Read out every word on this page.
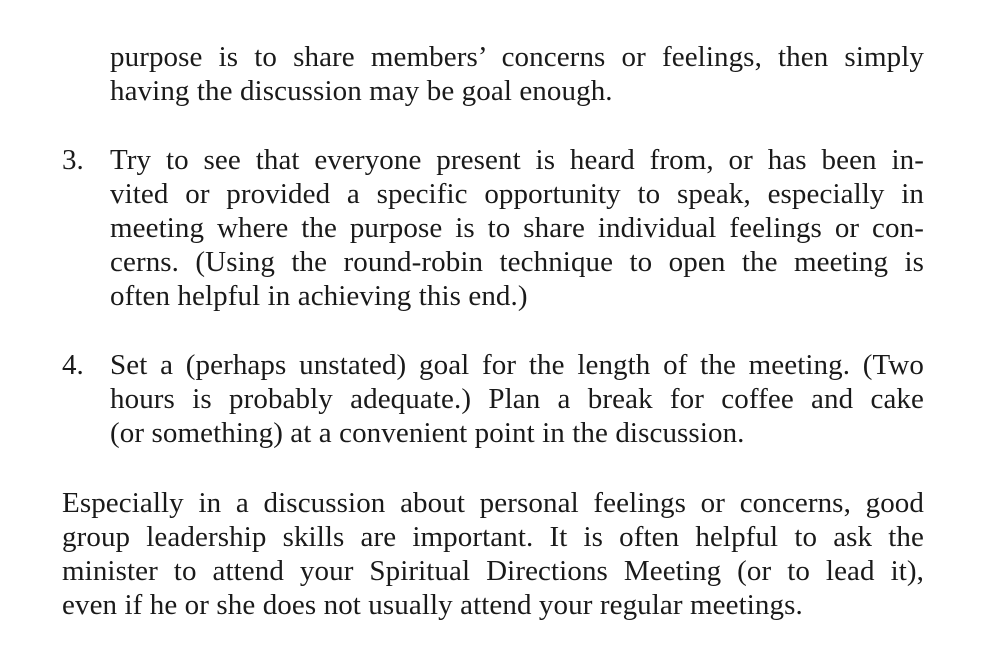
purpose is to share members’ concerns or feelings, then simply
having the discussion may be goal enough.
3. Try to see that everyone present is heard from, or has been in-
vited or provided a specific opportunity to speak, especially in
meeting where the purpose is to share individual feelings or con-
cerns. (Using the round-robin technique to open the meeting is
often helpful in achieving this end.)
4. Set a (perhaps unstated) goal for the length of the meeting. (Two
hours is probably adequate.) Plan a break for coffee and cake
(or something) at a convenient point in the discussion.
Especially in a discussion about personal feelings or concerns, good
group leadership skills are important. It is often helpful to ask the
minister to attend your Spiritual Directions Meeting (or to lead it),
even if he or she does not usually attend your regular meetings.
